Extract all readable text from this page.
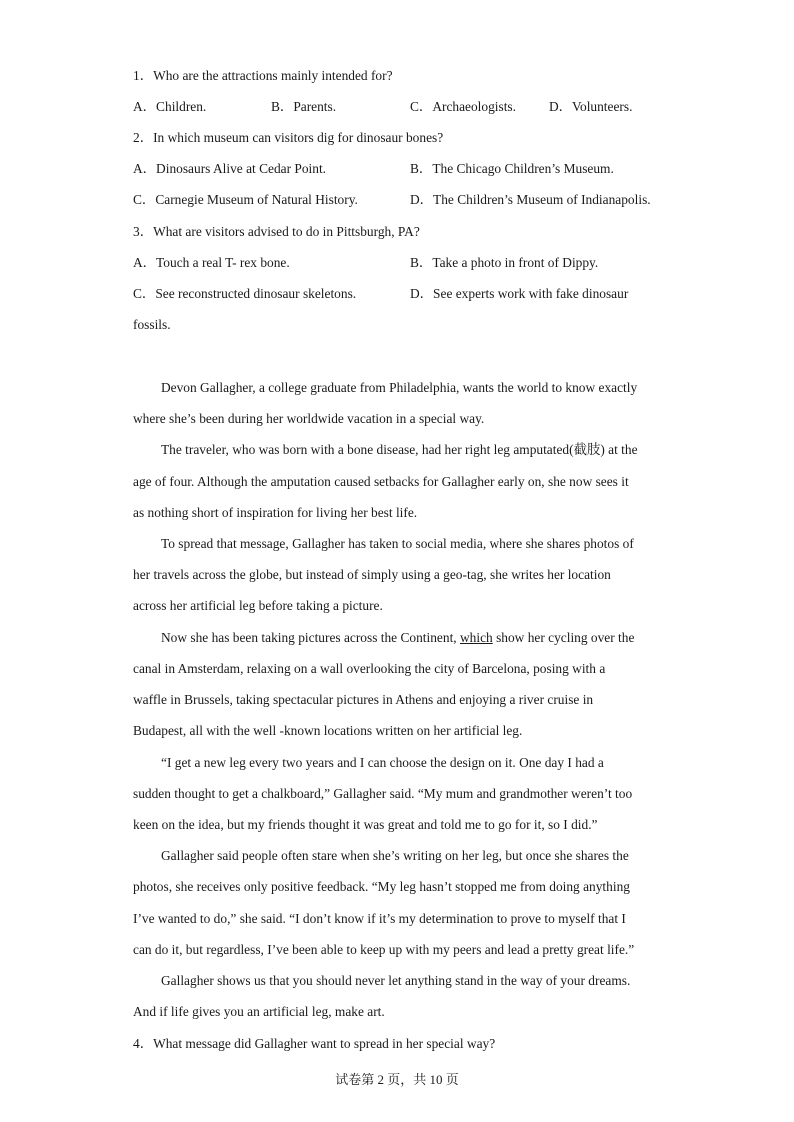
1．Who are the attractions mainly intended for?
A．Children.	B．Parents.	C．Archaeologists. D．Volunteers.
2．In which museum can visitors dig for dinosaur bones?
A．Dinosaurs Alive at Cedar Point.	B．The Chicago Children’s Museum.
C．Carnegie Museum of Natural History.	D．The Children’s Museum of Indianapolis.
3．What are visitors advised to do in Pittsburgh, PA?
A．Touch a real T- rex bone.	B．Take a photo in front of Dippy.
C．See reconstructed dinosaur skeletons.	D．See experts work with fake dinosaur
fossils.
Devon Gallagher, a college graduate from Philadelphia, wants the world to know exactly
where she’s been during her worldwide vacation in a special way.
The traveler, who was born with a bone disease, had her right leg amputated(截肢) at the
age of four. Although the amputation caused setbacks for Gallagher early on, she now sees it
as nothing short of inspiration for living her best life.
To spread that message, Gallagher has taken to social media, where she shares photos of
her travels across the globe, but instead of simply using a geo-tag, she writes her location
across her artificial leg before taking a picture.
Now she has been taking pictures across the Continent, which show her cycling over the
canal in Amsterdam, relaxing on a wall overlooking the city of Barcelona, posing with a
waffle in Brussels, taking spectacular pictures in Athens and enjoying a river cruise in
Budapest, all with the well -known locations written on her artificial leg.
“I get a new leg every two years and I can choose the design on it. One day I had a
sudden thought to get a chalkboard,” Gallagher said. “My mum and grandmother weren’t too
keen on the idea, but my friends thought it was great and told me to go for it, so I did.”
Gallagher said people often stare when she’s writing on her leg, but once she shares the
photos, she receives only positive feedback. “My leg hasn’t stopped me from doing anything
I’ve wanted to do,” she said. “I don’t know if it’s my determination to prove to myself that I
can do it, but regardless, I’ve been able to keep up with my peers and lead a pretty great life.”
Gallagher shows us that you should never let anything stand in the way of your dreams.
And if life gives you an artificial leg, make art.
4．What message did Gallagher want to spread in her special way?
试卷第 2 页，共 10 页
